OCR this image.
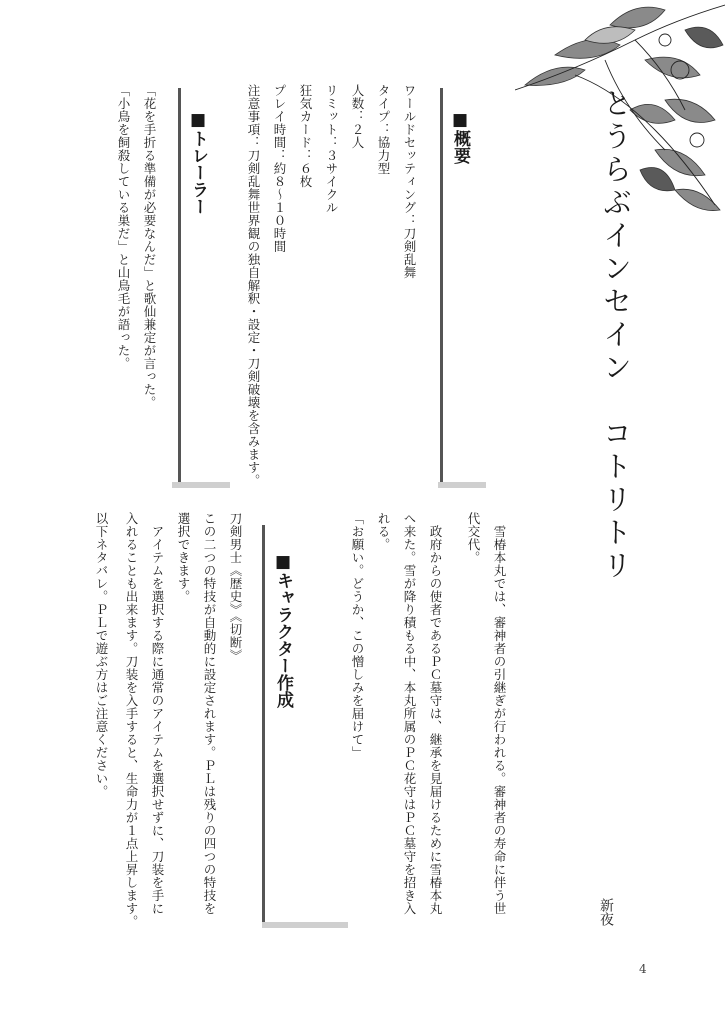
とうらぶインセイン　コトリトリ
新夜
■概要

ワールドセッティング：刀剣乱舞

タイプ：協力型

人数：２人

リミット：３サイクル

狂気カード：６枚

プレイ時間：約８～１０時間

注意事項：刀剣乱舞世界観の独自解釈・設定・刀剣破壊を含みます。

■トレーラー

「花を手折る準備が必要なんだ」と歌仙兼定が言った。

「小鳥を飼殺している巣だ」と山鳥毛が語った。

　雪椿本丸では、審神者の引継ぎが行われる。審神者の寿命に伴う世

代交代。

　政府からの使者であるＰＣ墓守は、継承を見届けるために雪椿本丸

へ来た。雪が降り積もる中、本丸所属のＰＣ花守はＰＣ墓守を招き入

れる。

「お願い。どうか、この憎しみを届けて」

■キャラクター作成

刀剣男士《歴史》《切断》

この二つの特技が自動的に設定されます。ＰＬは残りの四つの特技を

選択できます。

　アイテムを選択する際に通常のアイテムを選択せずに、刀装を手に

入れることも出来ます。刀装を入手すると、生命力が１点上昇します。

以下ネタバレ。ＰＬで遊ぶ方はご注意ください。

4
